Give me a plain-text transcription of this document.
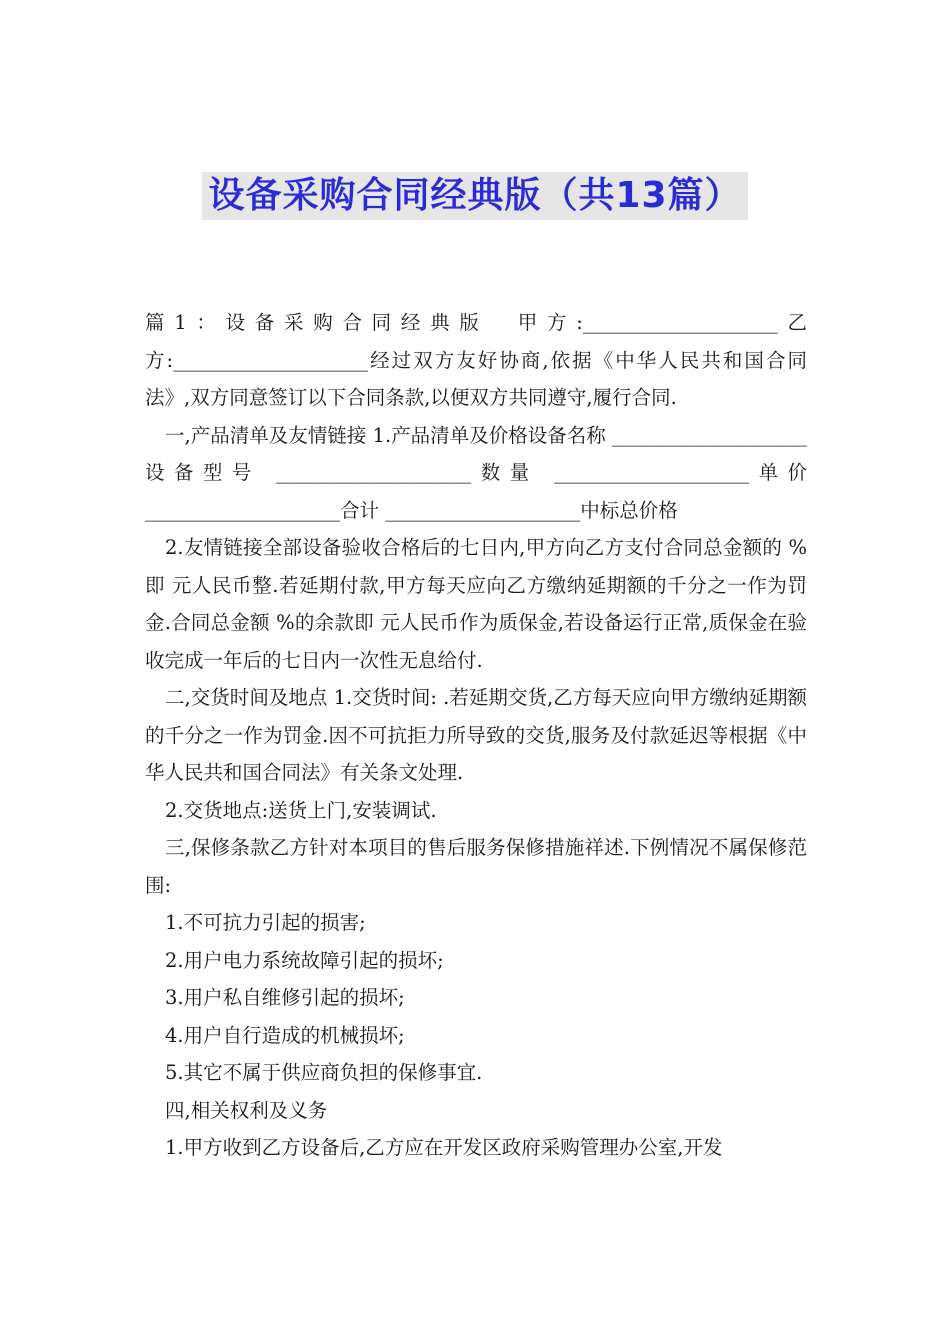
设备采购合同经典版（共13篇）

篇1：设备采购合同经典版　甲方:____________________乙方:____________________经过双方友好协商,依据《中华人民共和国合同法》,双方同意签订以下合同条款,以便双方共同遵守,履行合同.

一,产品清单及友情链接 1.产品清单及价格设备名称 ____________________设备型号 ____________________数量 ____________________单价 ____________________合计 ____________________中标总价格

2.友情链接全部设备验收合格后的七日内,甲方向乙方支付合同总金额的 %即 元人民币整.若延期付款,甲方每天应向乙方缴纳延期额的千分之一作为罚金.合同总金额 %的余款即 元人民币作为质保金,若设备运行正常,质保金在验收完成一年后的七日内一次性无息给付.

二,交货时间及地点 1.交货时间: .若延期交货,乙方每天应向甲方缴纳延期额的千分之一作为罚金.因不可抗拒力所导致的交货,服务及付款延迟等根据《中华人民共和国合同法》有关条文处理.

2.交货地点:送货上门,安装调试.

三,保修条款乙方针对本项目的售后服务保修措施祥述.下例情况不属保修范围:

1.不可抗力引起的损害;

2.用户电力系统故障引起的损坏;

3.用户私自维修引起的损坏;

4.用户自行造成的机械损坏;

5.其它不属于供应商负担的保修事宜.

四,相关权利及义务

1.甲方收到乙方设备后,乙方应在开发区政府采购管理办公室,开发
